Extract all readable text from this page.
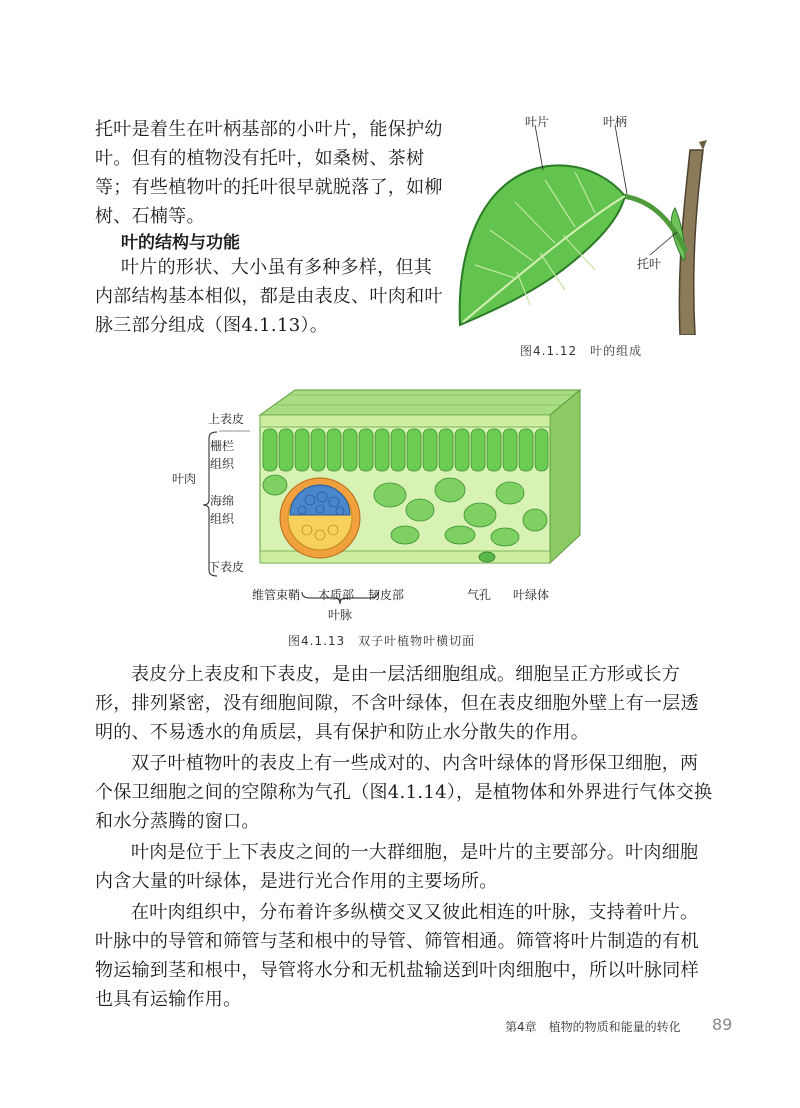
托叶是着生在叶柄基部的小叶片，能保护幼叶。但有的植物没有托叶，如桑树、茶树等；有些植物叶的托叶很早就脱落了，如柳树、石楠等。

叶的结构与功能

叶片的形状、大小虽有多种多样，但其内部结构基本相似，都是由表皮、叶肉和叶脉三部分组成（图4.1.13）。

叶片	叶柄
托叶
图4.1.12　叶的组成
上表皮
栅栏组织
叶肉
海绵组织
下表皮
维管束鞘 木质部 韧皮部
叶脉
气孔 叶绿体
图4.1.13　双子叶植物叶横切面

表皮分上表皮和下表皮，是由一层活细胞组成。细胞呈正方形或长方形，排列紧密，没有细胞间隙，不含叶绿体，但在表皮细胞外壁上有一层透明的、不易透水的角质层，具有保护和防止水分散失的作用。

双子叶植物叶的表皮上有一些成对的、内含叶绿体的肾形保卫细胞，两个保卫细胞之间的空隙称为气孔（图4.1.14），是植物体和外界进行气体交换和水分蒸腾的窗口。

叶肉是位于上下表皮之间的一大群细胞，是叶片的主要部分。叶肉细胞内含大量的叶绿体，是进行光合作用的主要场所。

在叶肉组织中，分布着许多纵横交叉又彼此相连的叶脉，支持着叶片。叶脉中的导管和筛管与茎和根中的导管、筛管相通。筛管将叶片制造的有机物运输到茎和根中，导管将水分和无机盐输送到叶肉细胞中，所以叶脉同样也具有运输作用。

第4章　植物的物质和能量的转化 89
